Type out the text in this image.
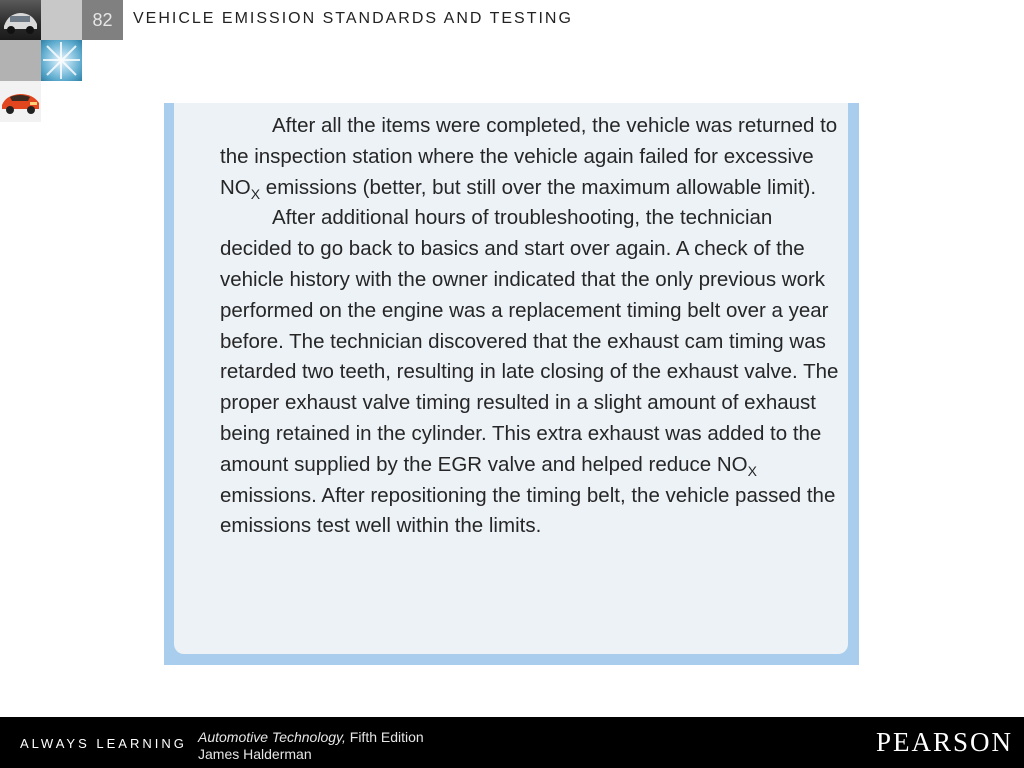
82	VEHICLE EMISSION STANDARDS AND TESTING

After all the items were completed, the vehicle was returned to the inspection station where the vehicle again failed for excessive $NO_X$ emissions (better, but still over the maximum allowable limit).

After additional hours of troubleshooting, the technician decided to go back to basics and start over again. A check of the vehicle history with the owner indicated that the only previous work performed on the engine was a replacement timing belt over a year before. The technician discovered that the exhaust cam timing was retarded two teeth, resulting in late closing of the exhaust valve. The proper exhaust valve timing resulted in a slight amount of exhaust being retained in the cylinder. This extra exhaust was added to the amount supplied by the EGR valve and helped reduce $NO_X$ emissions. After repositioning the timing belt, the vehicle passed the emissions test well within the limits.

ALWAYS LEARNING Automotive Technology, Fifth Edition
James Halderman	PEARSON
